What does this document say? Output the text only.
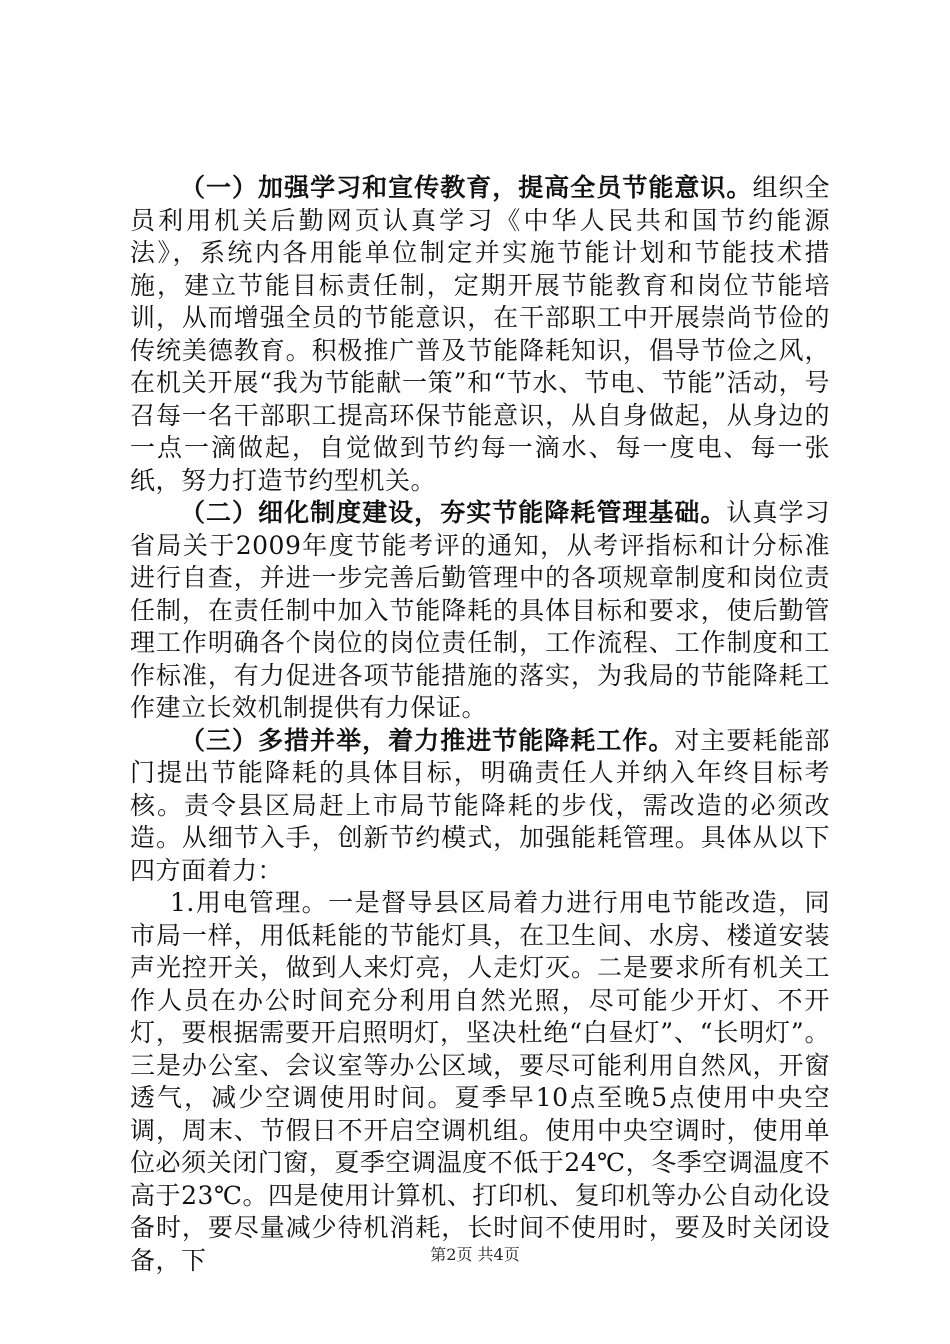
（一）加强学习和宣传教育，提高全员节能意识。组织全员利用机关后勤网页认真学习《中华人民共和国节约能源法》，系统内各用能单位制定并实施节能计划和节能技术措施，建立节能目标责任制，定期开展节能教育和岗位节能培训，从而增强全员的节能意识，在干部职工中开展崇尚节俭的传统美德教育。积极推广普及节能降耗知识，倡导节俭之风，在机关开展“我为节能献一策”和“节水、节电、节能”活动，号召每一名干部职工提高环保节能意识，从自身做起，从身边的一点一滴做起，自觉做到节约每一滴水、每一度电、每一张纸，努力打造节约型机关。

（二）细化制度建设，夯实节能降耗管理基础。认真学习省局关于2009年度节能考评的通知，从考评指标和计分标准进行自查，并进一步完善后勤管理中的各项规章制度和岗位责任制，在责任制中加入节能降耗的具体目标和要求，使后勤管理工作明确各个岗位的岗位责任制，工作流程、工作制度和工作标准，有力促进各项节能措施的落实，为我局的节能降耗工作建立长效机制提供有力保证。

（三）多措并举，着力推进节能降耗工作。对主要耗能部门提出节能降耗的具体目标，明确责任人并纳入年终目标考核。责令县区局赶上市局节能降耗的步伐，需改造的必须改造。从细节入手，创新节约模式，加强能耗管理。具体从以下四方面着力：

1.用电管理。一是督导县区局着力进行用电节能改造，同市局一样，用低耗能的节能灯具，在卫生间、水房、楼道安装声光控开关，做到人来灯亮，人走灯灭。二是要求所有机关工作人员在办公时间充分利用自然光照，尽可能少开灯、不开灯，要根据需要开启照明灯，坚决杜绝“白昼灯”、“长明灯”。三是办公室、会议室等办公区域，要尽可能利用自然风，开窗透气，减少空调使用时间。夏季早10点至晚5点使用中央空调，周末、节假日不开启空调机组。使用中央空调时，使用单位必须关闭门窗，夏季空调温度不低于24℃，冬季空调温度不高于23℃。四是使用计算机、打印机、复印机等办公自动化设备时，要尽量减少待机消耗，长时间不使用时，要及时关闭设备，下	第2页 共4页
